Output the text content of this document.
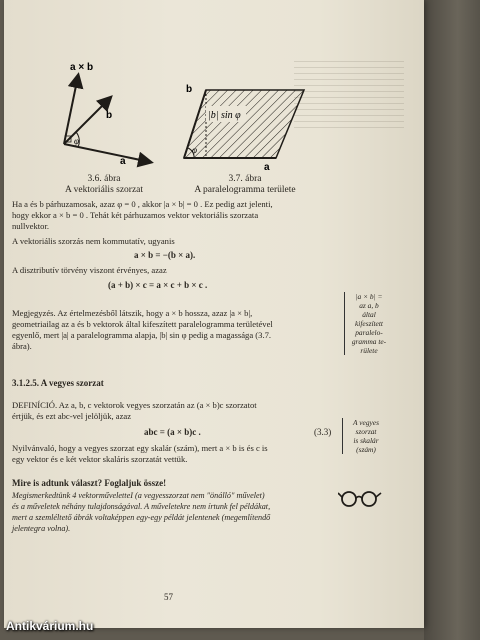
a × b
b
φ
a
3.6. ábra
A vektoriális szorzat
|b| sin φ
b
φ
a
3.7. ábra
A paralelogramma területe
Ha a és b párhuzamosak, azaz φ = 0 , akkor |a × b| = 0 . Ez pedig azt jelenti,
hogy ekkor a × b = 0 . Tehát két párhuzamos vektor vektoriális szorzata
nullvektor.
A vektoriális szorzás nem kommutatív, ugyanis
a × b = −(b × a).
A disztributív törvény viszont érvényes, azaz
(a + b) × c = a × c + b × c .
Megjegyzés. Az értelmezésből látszik, hogy a × b hossza, azaz |a × b|,
geometriailag az a és b vektorok által kifeszített paralelogramma területével
egyenlő, mert |a| a paralelogramma alapja, |b| sin φ pedig a magassága (3.7.
ábra).
|a × b| =
az a, b
által
kifeszített
paralelo-
gramma te-
rülete
3.1.2.5. A vegyes szorzat
DEFINÍCIÓ. Az a, b, c vektorok vegyes szorzatán az (a × b)c szorzatot
értjük, és ezt abc-vel jelöljük, azaz
abc = (a × b)c .	(3.3)
Nyilvánvaló, hogy a vegyes szorzat egy skalár (szám), mert a × b is és c is
egy vektor és e két vektor skaláris szorzatát vettük.
A vegyes
szorzat
is skalár
(szám)
Mire is adtunk választ? Foglaljuk össze!
Megismerkedtünk 4 vektorműveletteI (a vegyesszorzat nem "önálló" művelet)
és a műveletek néhány tulajdonságával. A műveletekre nem írtunk fel példákat,
mert a szemléltető ábrák voltaképpen egy-egy példát jelentenek (megemlítendő
jelentegra volna).
57
Antikvárium.hu
